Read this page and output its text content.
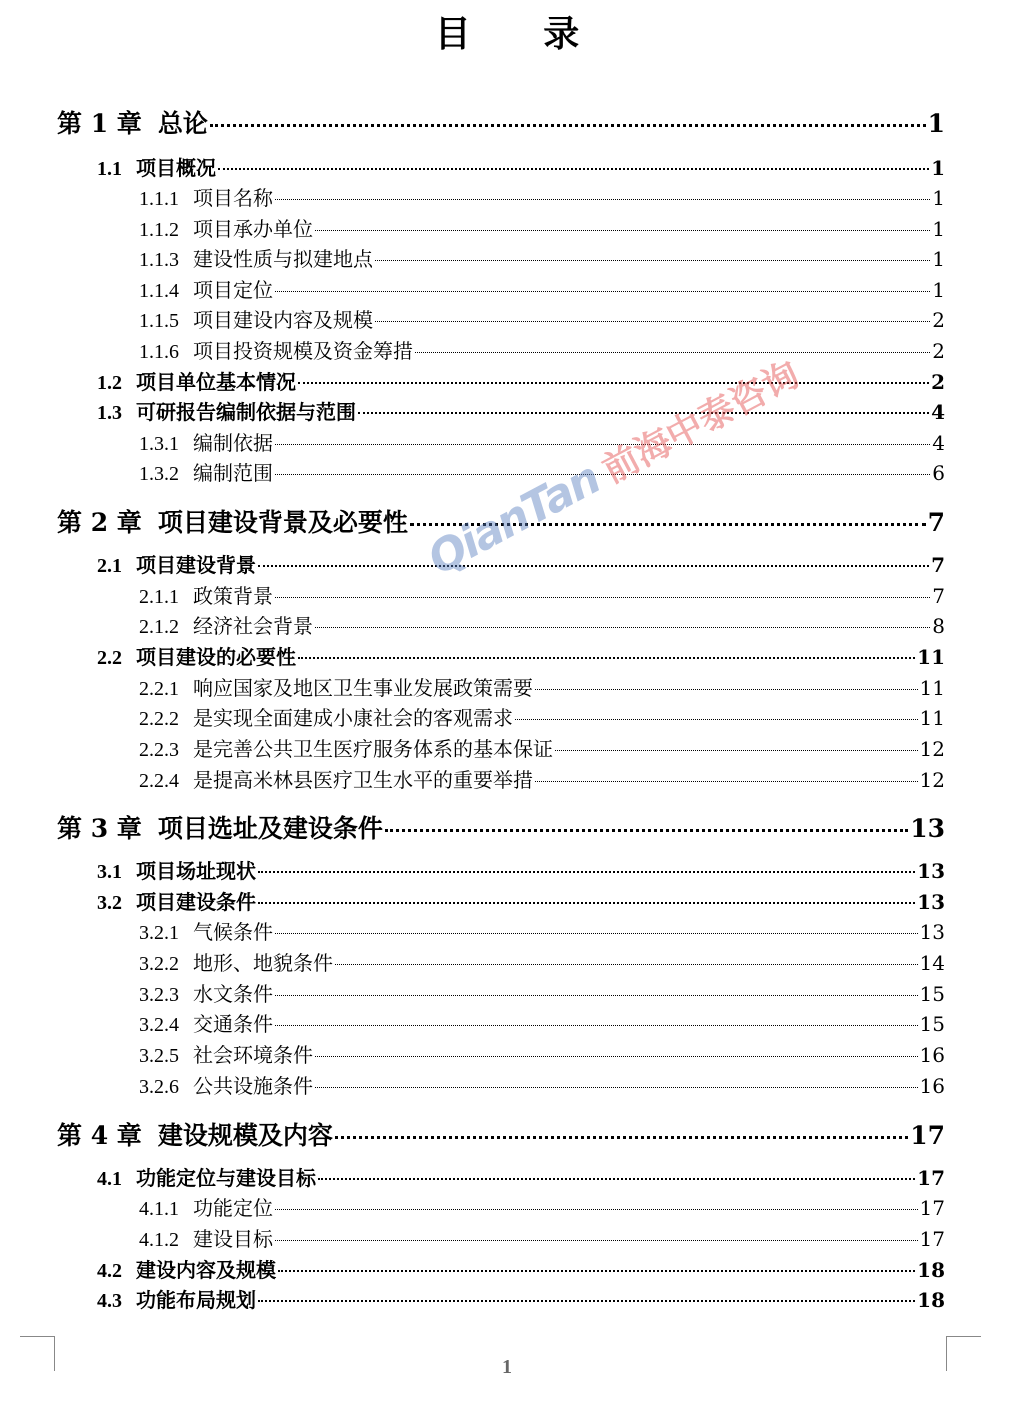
目 录
第 1 章 总论	1
1.1 项目概况	1
1.1.1 项目名称	1
1.1.2 项目承办单位	1
1.1.3 建设性质与拟建地点	1
1.1.4 项目定位	1
1.1.5 项目建设内容及规模	2
1.1.6 项目投资规模及资金筹措	2
1.2 项目单位基本情况	2
1.3 可研报告编制依据与范围	4
1.3.1 编制依据	4
1.3.2 编制范围	6
第 2 章 项目建设背景及必要性	7
2.1 项目建设背景	7
2.1.1 政策背景	7
2.1.2 经济社会背景	8
2.2 项目建设的必要性	11
2.2.1 响应国家及地区卫生事业发展政策需要	11
2.2.2 是实现全面建成小康社会的客观需求	11
2.2.3 是完善公共卫生医疗服务体系的基本保证	12
2.2.4 是提高米林县医疗卫生水平的重要举措	12
第 3 章 项目选址及建设条件	13
3.1 项目场址现状	13
3.2 项目建设条件	13
3.2.1 气候条件	13
3.2.2 地形、地貌条件	14
3.2.3 水文条件	15
3.2.4 交通条件	15
3.2.5 社会环境条件	16
3.2.6 公共设施条件	16
第 4 章 建设规模及内容	17
4.1 功能定位与建设目标	17
4.1.1 功能定位	17
4.1.2 建设目标	17
4.2 建设内容及规模	18
4.3 功能布局规划	18
QianTan
前海中泰咨询
1
